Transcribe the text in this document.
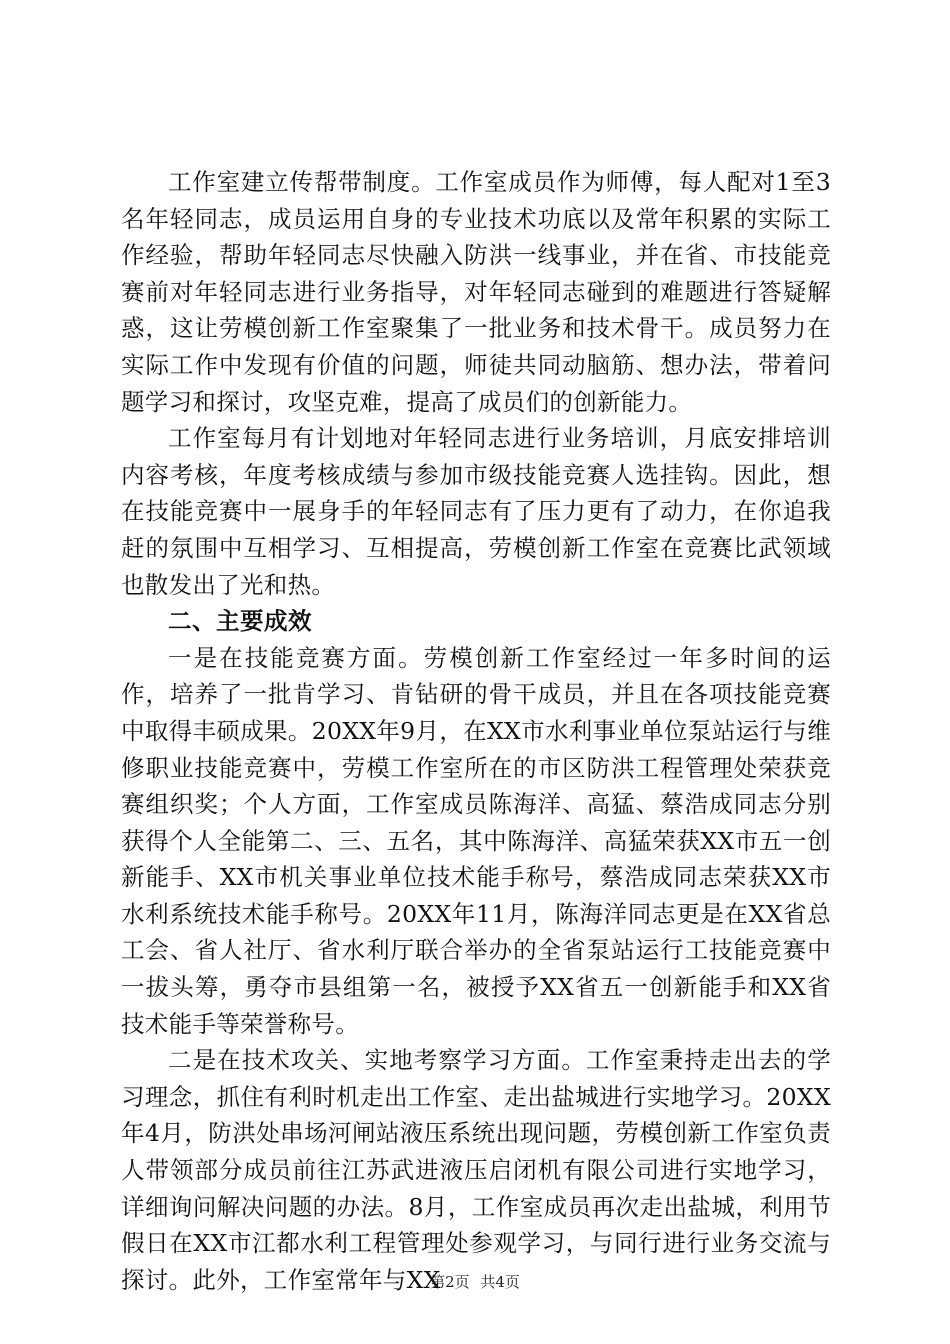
工作室建立传帮带制度。工作室成员作为师傅，每人配对1至3名年轻同志，成员运用自身的专业技术功底以及常年积累的实际工作经验，帮助年轻同志尽快融入防洪一线事业，并在省、市技能竞赛前对年轻同志进行业务指导，对年轻同志碰到的难题进行答疑解惑，这让劳模创新工作室聚集了一批业务和技术骨干。成员努力在实际工作中发现有价值的问题，师徒共同动脑筋、想办法，带着问题学习和探讨，攻坚克难，提高了成员们的创新能力。

工作室每月有计划地对年轻同志进行业务培训，月底安排培训内容考核，年度考核成绩与参加市级技能竞赛人选挂钩。因此，想在技能竞赛中一展身手的年轻同志有了压力更有了动力，在你追我赶的氛围中互相学习、互相提高，劳模创新工作室在竞赛比武领域也散发出了光和热。

二、主要成效

一是在技能竞赛方面。劳模创新工作室经过一年多时间的运作，培养了一批肯学习、肯钻研的骨干成员，并且在各项技能竞赛中取得丰硕成果。20XX年9月，在XX市水利事业单位泵站运行与维修职业技能竞赛中，劳模工作室所在的市区防洪工程管理处荣获竞赛组织奖；个人方面，工作室成员陈海洋、高猛、蔡浩成同志分别获得个人全能第二、三、五名，其中陈海洋、高猛荣获XX市五一创新能手、XX市机关事业单位技术能手称号，蔡浩成同志荣获XX市水利系统技术能手称号。20XX年11月，陈海洋同志更是在XX省总工会、省人社厅、省水利厅联合举办的全省泵站运行工技能竞赛中一拔头筹，勇夺市县组第一名，被授予XX省五一创新能手和XX省技术能手等荣誉称号。

二是在技术攻关、实地考察学习方面。工作室秉持走出去的学习理念，抓住有利时机走出工作室、走出盐城进行实地学习。20XX年4月，防洪处串场河闸站液压系统出现问题，劳模创新工作室负责人带领部分成员前往江苏武进液压启闭机有限公司进行实地学习，详细询问解决问题的办法。8月，工作室成员再次走出盐城，利用节假日在XX市江都水利工程管理处参观学习，与同行进行业务交流与探讨。此外，工作室常年与XX

第2页 共4页
